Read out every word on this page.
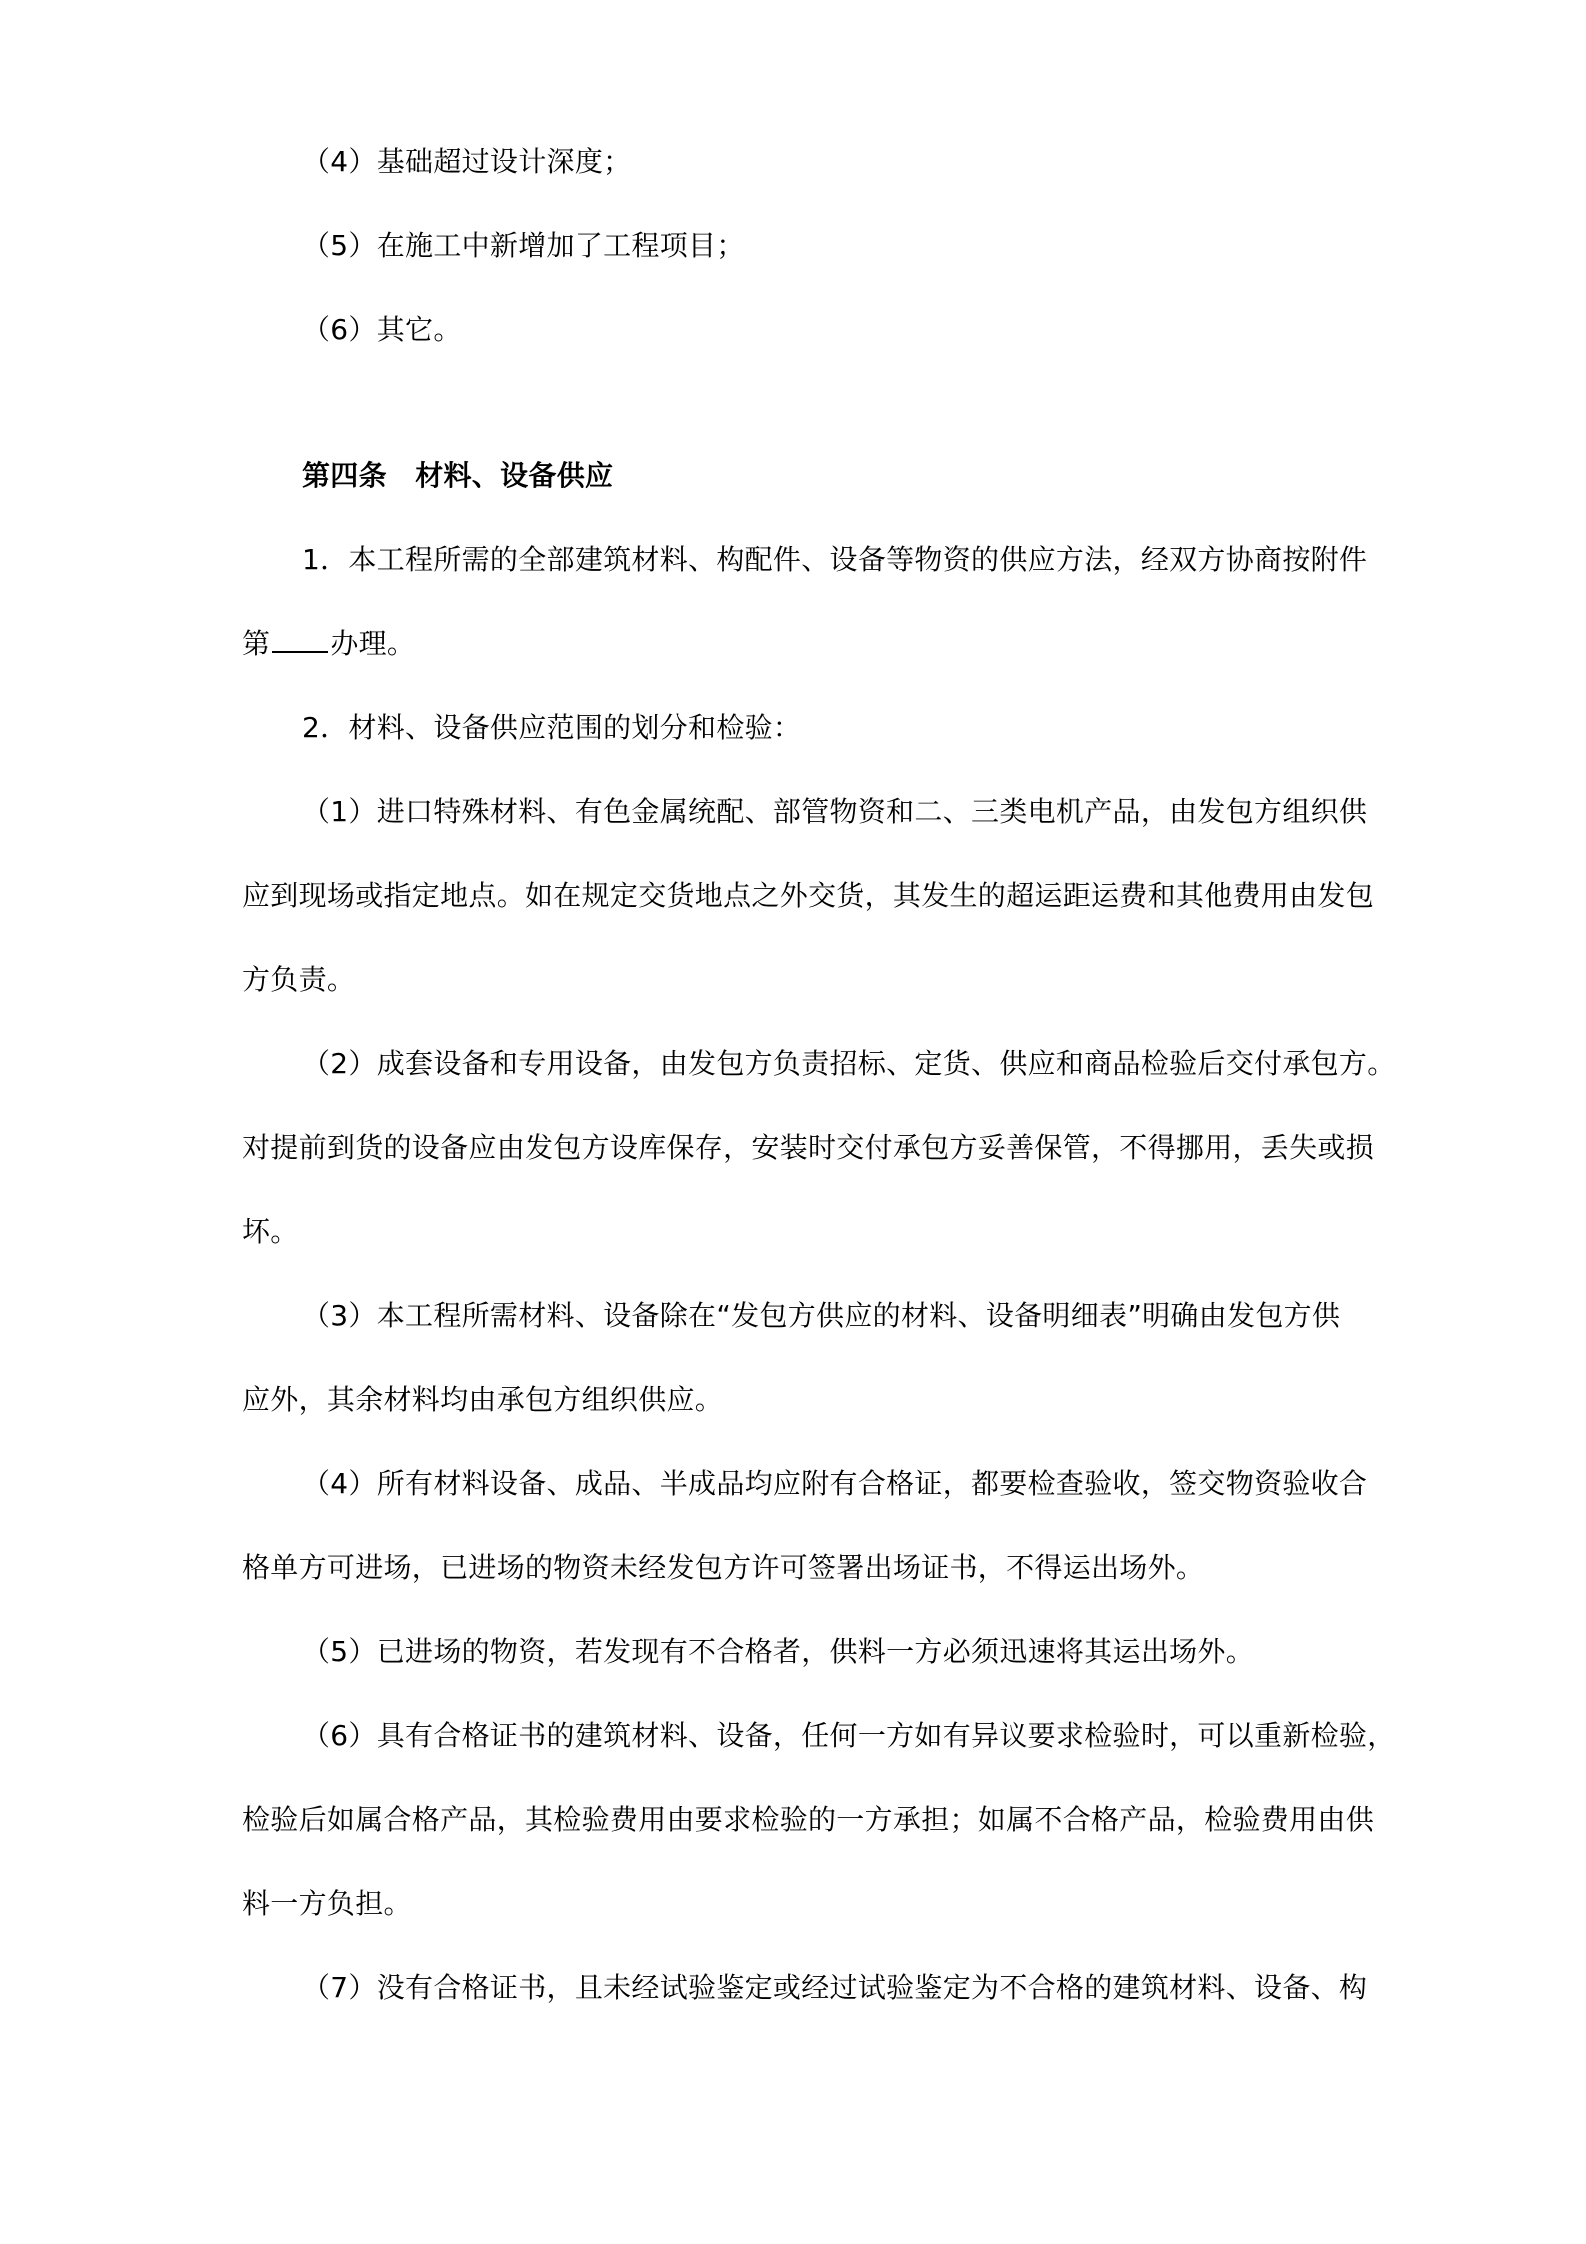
（4）基础超过设计深度；
（5）在施工中新增加了工程项目；
（6）其它。
第四条　材料、设备供应
1．本工程所需的全部建筑材料、构配件、设备等物资的供应方法，经双方协商按附件
第 办理。
2．材料、设备供应范围的划分和检验：
（1）进口特殊材料、有色金属统配、部管物资和二、三类电机产品，由发包方组织供
应到现场或指定地点。如在规定交货地点之外交货，其发生的超运距运费和其他费用由发包
方负责。
（2）成套设备和专用设备，由发包方负责招标、定货、供应和商品检验后交付承包方。
对提前到货的设备应由发包方设库保存，安装时交付承包方妥善保管，不得挪用，丢失或损
坏。
（3）本工程所需材料、设备除在“发包方供应的材料、设备明细表”明确由发包方供
应外，其余材料均由承包方组织供应。
（4）所有材料设备、成品、半成品均应附有合格证，都要检查验收，签交物资验收合
格单方可进场，已进场的物资未经发包方许可签署出场证书，不得运出场外。
（5）已进场的物资，若发现有不合格者，供料一方必须迅速将其运出场外。
（6）具有合格证书的建筑材料、设备，任何一方如有异议要求检验时，可以重新检验，
检验后如属合格产品，其检验费用由要求检验的一方承担；如属不合格产品，检验费用由供
料一方负担。
（7）没有合格证书，且未经试验鉴定或经过试验鉴定为不合格的建筑材料、设备、构
